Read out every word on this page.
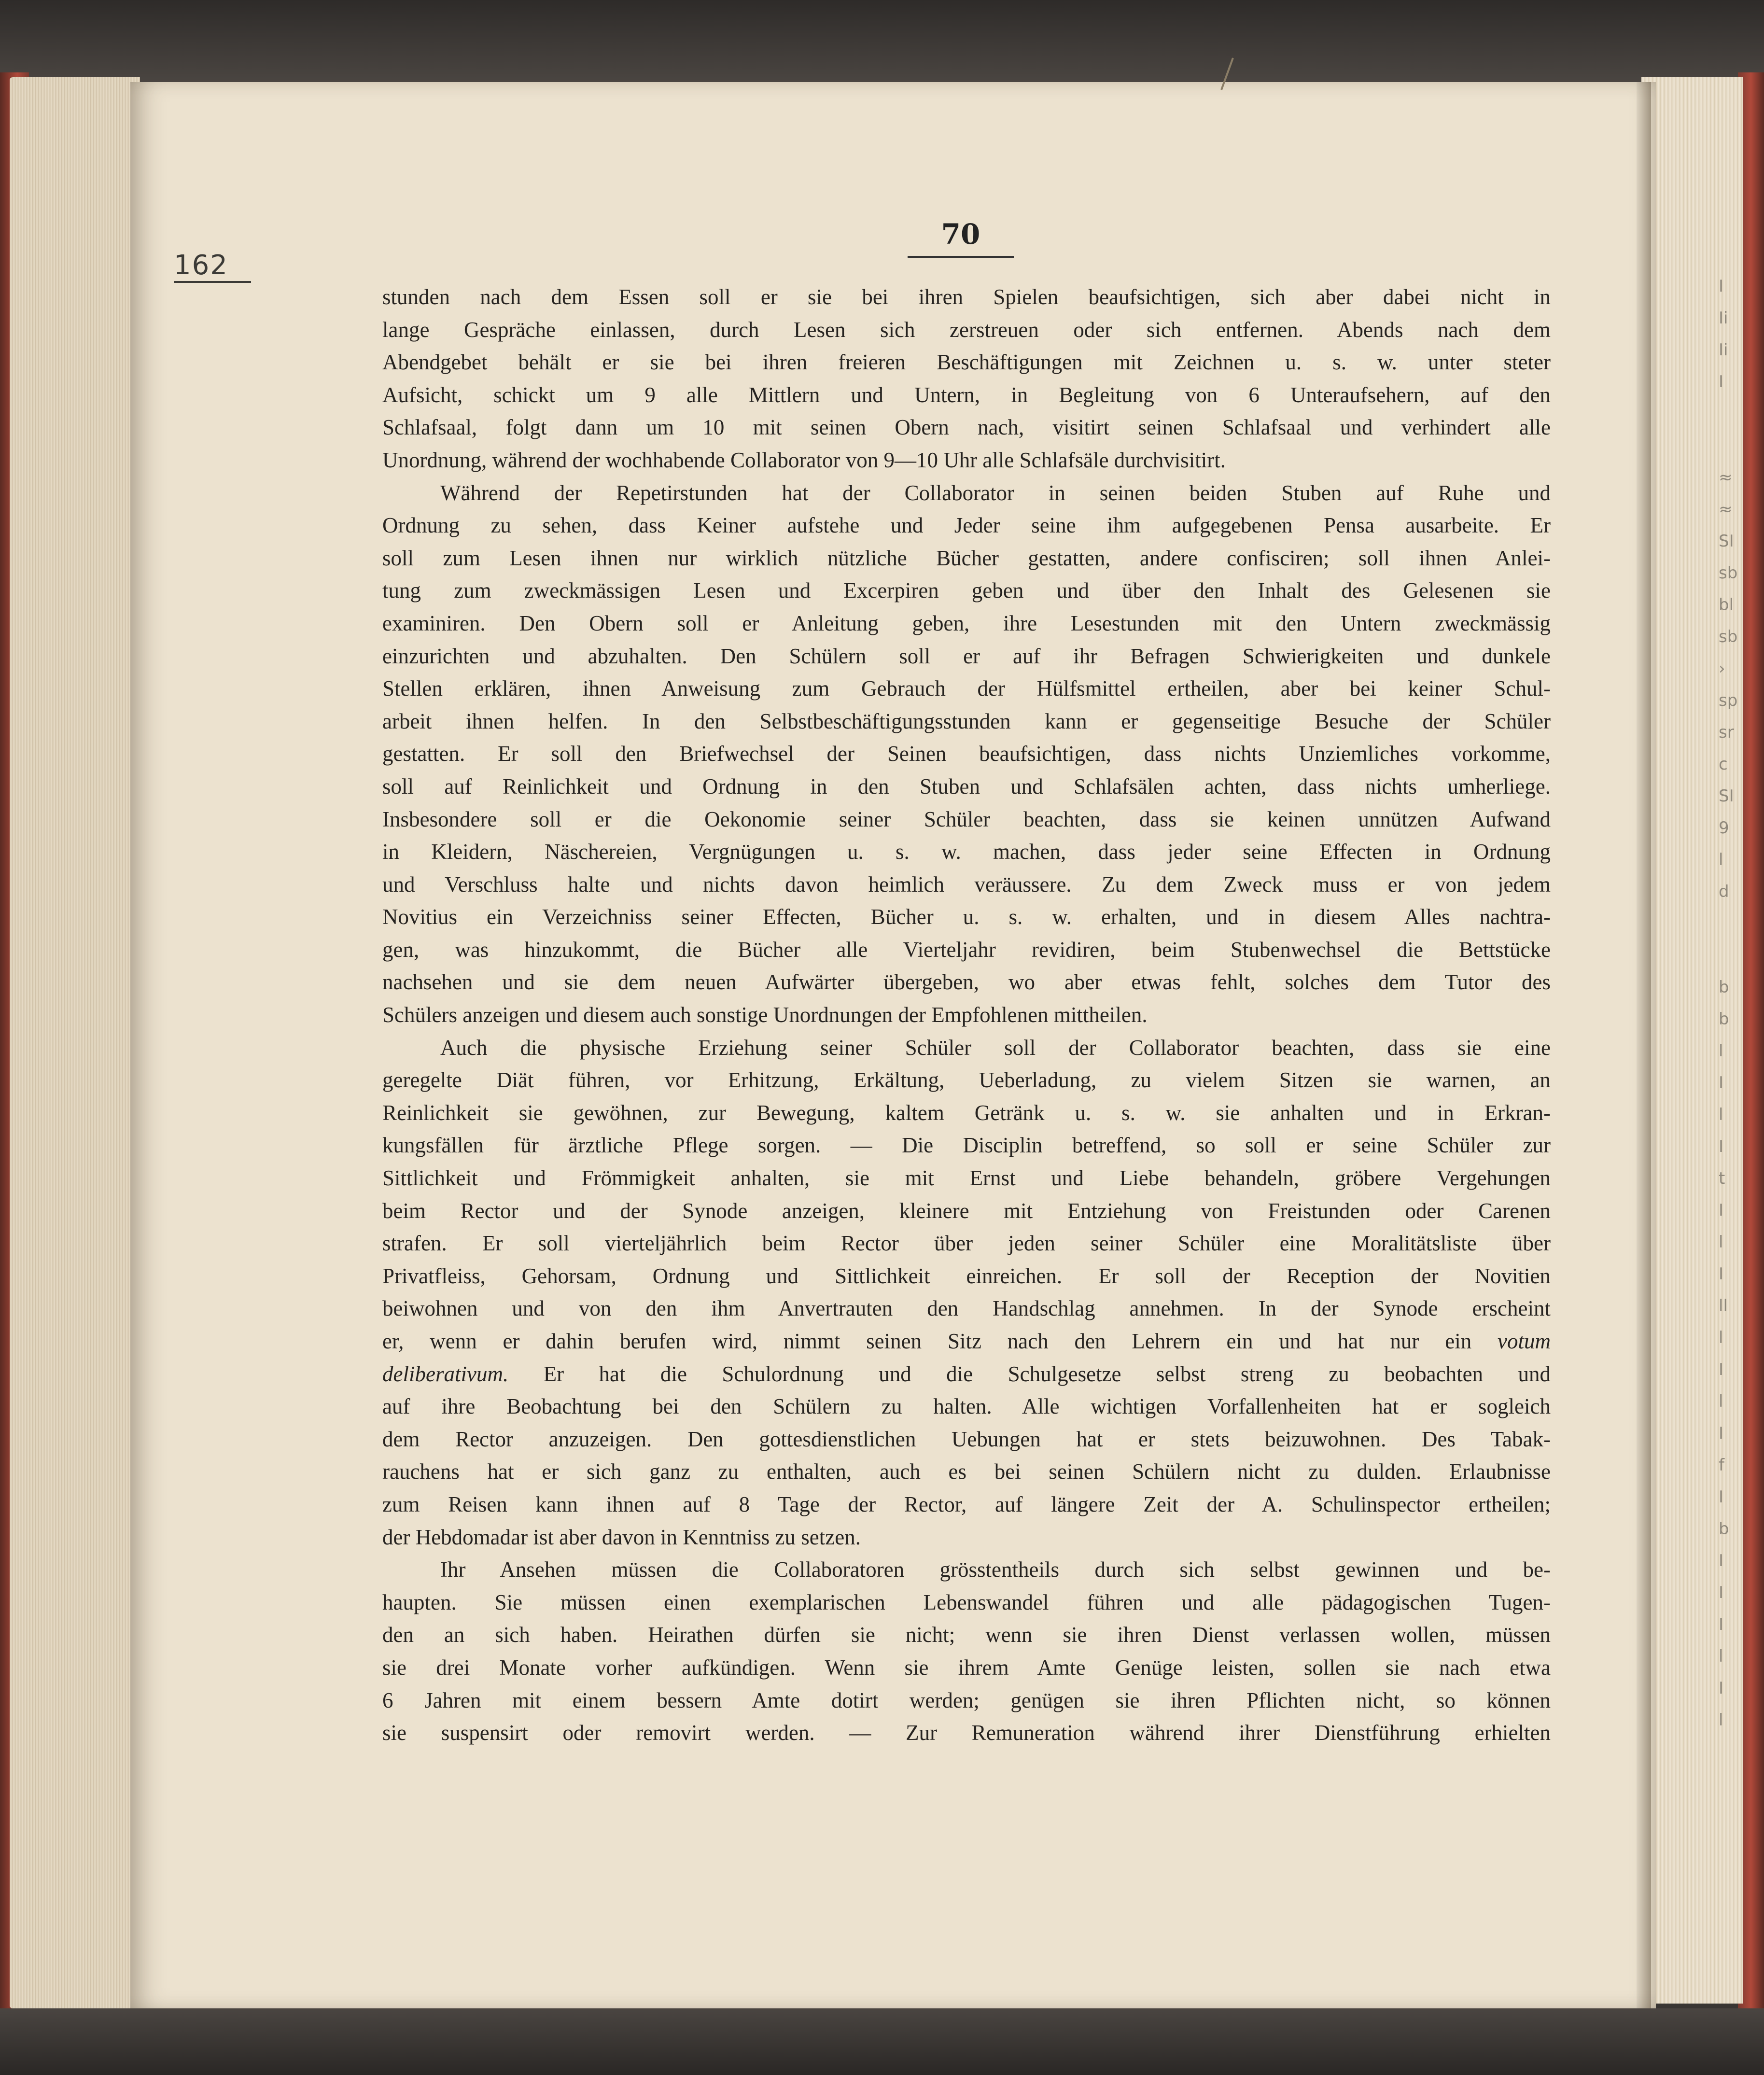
I
Ii
Ii
I

≈
≈
SI
sb
bl
sb
›
sp
sr
c
SI
9
l
d

b
b
l
I
l
I
t
I
l
I
ll
l
I
l
I
f
I
b
I
I
I
l
I
l
162
70
stunden nach dem Essen soll er sie bei ihren Spielen beaufsichtigen, sich aber dabei nicht in
lange Gespräche einlassen, durch Lesen sich zerstreuen oder sich entfernen. Abends nach dem
Abendgebet behält er sie bei ihren freieren Beschäftigungen mit Zeichnen u. s. w. unter steter
Aufsicht, schickt um 9 alle Mittlern und Untern, in Begleitung von 6 Unteraufsehern, auf den
Schlafsaal, folgt dann um 10 mit seinen Obern nach, visitirt seinen Schlafsaal und verhindert alle
Unordnung, während der wochhabende Collaborator von 9—10 Uhr alle Schlafsäle durchvisitirt.
Während der Repetirstunden hat der Collaborator in seinen beiden Stuben auf Ruhe und
Ordnung zu sehen, dass Keiner aufstehe und Jeder seine ihm aufgegebenen Pensa ausarbeite. Er
soll zum Lesen ihnen nur wirklich nützliche Bücher gestatten, andere confisciren; soll ihnen Anlei-
tung zum zweckmässigen Lesen und Excerpiren geben und über den Inhalt des Gelesenen sie
examiniren. Den Obern soll er Anleitung geben, ihre Lesestunden mit den Untern zweckmässig
einzurichten und abzuhalten. Den Schülern soll er auf ihr Befragen Schwierigkeiten und dunkele
Stellen erklären, ihnen Anweisung zum Gebrauch der Hülfsmittel ertheilen, aber bei keiner Schul-
arbeit ihnen helfen. In den Selbstbeschäftigungsstunden kann er gegenseitige Besuche der Schüler
gestatten. Er soll den Briefwechsel der Seinen beaufsichtigen, dass nichts Unziemliches vorkomme,
soll auf Reinlichkeit und Ordnung in den Stuben und Schlafsälen achten, dass nichts umherliege.
Insbesondere soll er die Oekonomie seiner Schüler beachten, dass sie keinen unnützen Aufwand
in Kleidern, Näschereien, Vergnügungen u. s. w. machen, dass jeder seine Effecten in Ordnung
und Verschluss halte und nichts davon heimlich veräussere. Zu dem Zweck muss er von jedem
Novitius ein Verzeichniss seiner Effecten, Bücher u. s. w. erhalten, und in diesem Alles nachtra-
gen, was hinzukommt, die Bücher alle Vierteljahr revidiren, beim Stubenwechsel die Bettstücke
nachsehen und sie dem neuen Aufwärter übergeben, wo aber etwas fehlt, solches dem Tutor des
Schülers anzeigen und diesem auch sonstige Unordnungen der Empfohlenen mittheilen.
Auch die physische Erziehung seiner Schüler soll der Collaborator beachten, dass sie eine
geregelte Diät führen, vor Erhitzung, Erkältung, Ueberladung, zu vielem Sitzen sie warnen, an
Reinlichkeit sie gewöhnen, zur Bewegung, kaltem Getränk u. s. w. sie anhalten und in Erkran-
kungsfällen für ärztliche Pflege sorgen. — Die Disciplin betreffend, so soll er seine Schüler zur
Sittlichkeit und Frömmigkeit anhalten, sie mit Ernst und Liebe behandeln, gröbere Vergehungen
beim Rector und der Synode anzeigen, kleinere mit Entziehung von Freistunden oder Carenen
strafen. Er soll vierteljährlich beim Rector über jeden seiner Schüler eine Moralitätsliste über
Privatfleiss, Gehorsam, Ordnung und Sittlichkeit einreichen. Er soll der Reception der Novitien
beiwohnen und von den ihm Anvertrauten den Handschlag annehmen. In der Synode erscheint
er, wenn er dahin berufen wird, nimmt seinen Sitz nach den Lehrern ein und hat nur ein votum
deliberativum. Er hat die Schulordnung und die Schulgesetze selbst streng zu beobachten und
auf ihre Beobachtung bei den Schülern zu halten. Alle wichtigen Vorfallenheiten hat er sogleich
dem Rector anzuzeigen. Den gottesdienstlichen Uebungen hat er stets beizuwohnen. Des Tabak-
rauchens hat er sich ganz zu enthalten, auch es bei seinen Schülern nicht zu dulden. Erlaubnisse
zum Reisen kann ihnen auf 8 Tage der Rector, auf längere Zeit der A. Schulinspector ertheilen;
der Hebdomadar ist aber davon in Kenntniss zu setzen.
Ihr Ansehen müssen die Collaboratoren grösstentheils durch sich selbst gewinnen und be-
haupten. Sie müssen einen exemplarischen Lebenswandel führen und alle pädagogischen Tugen-
den an sich haben. Heirathen dürfen sie nicht; wenn sie ihren Dienst verlassen wollen, müssen
sie drei Monate vorher aufkündigen. Wenn sie ihrem Amte Genüge leisten, sollen sie nach etwa
6 Jahren mit einem bessern Amte dotirt werden; genügen sie ihren Pflichten nicht, so können
sie suspensirt oder removirt werden. — Zur Remuneration während ihrer Dienstführung erhielten
